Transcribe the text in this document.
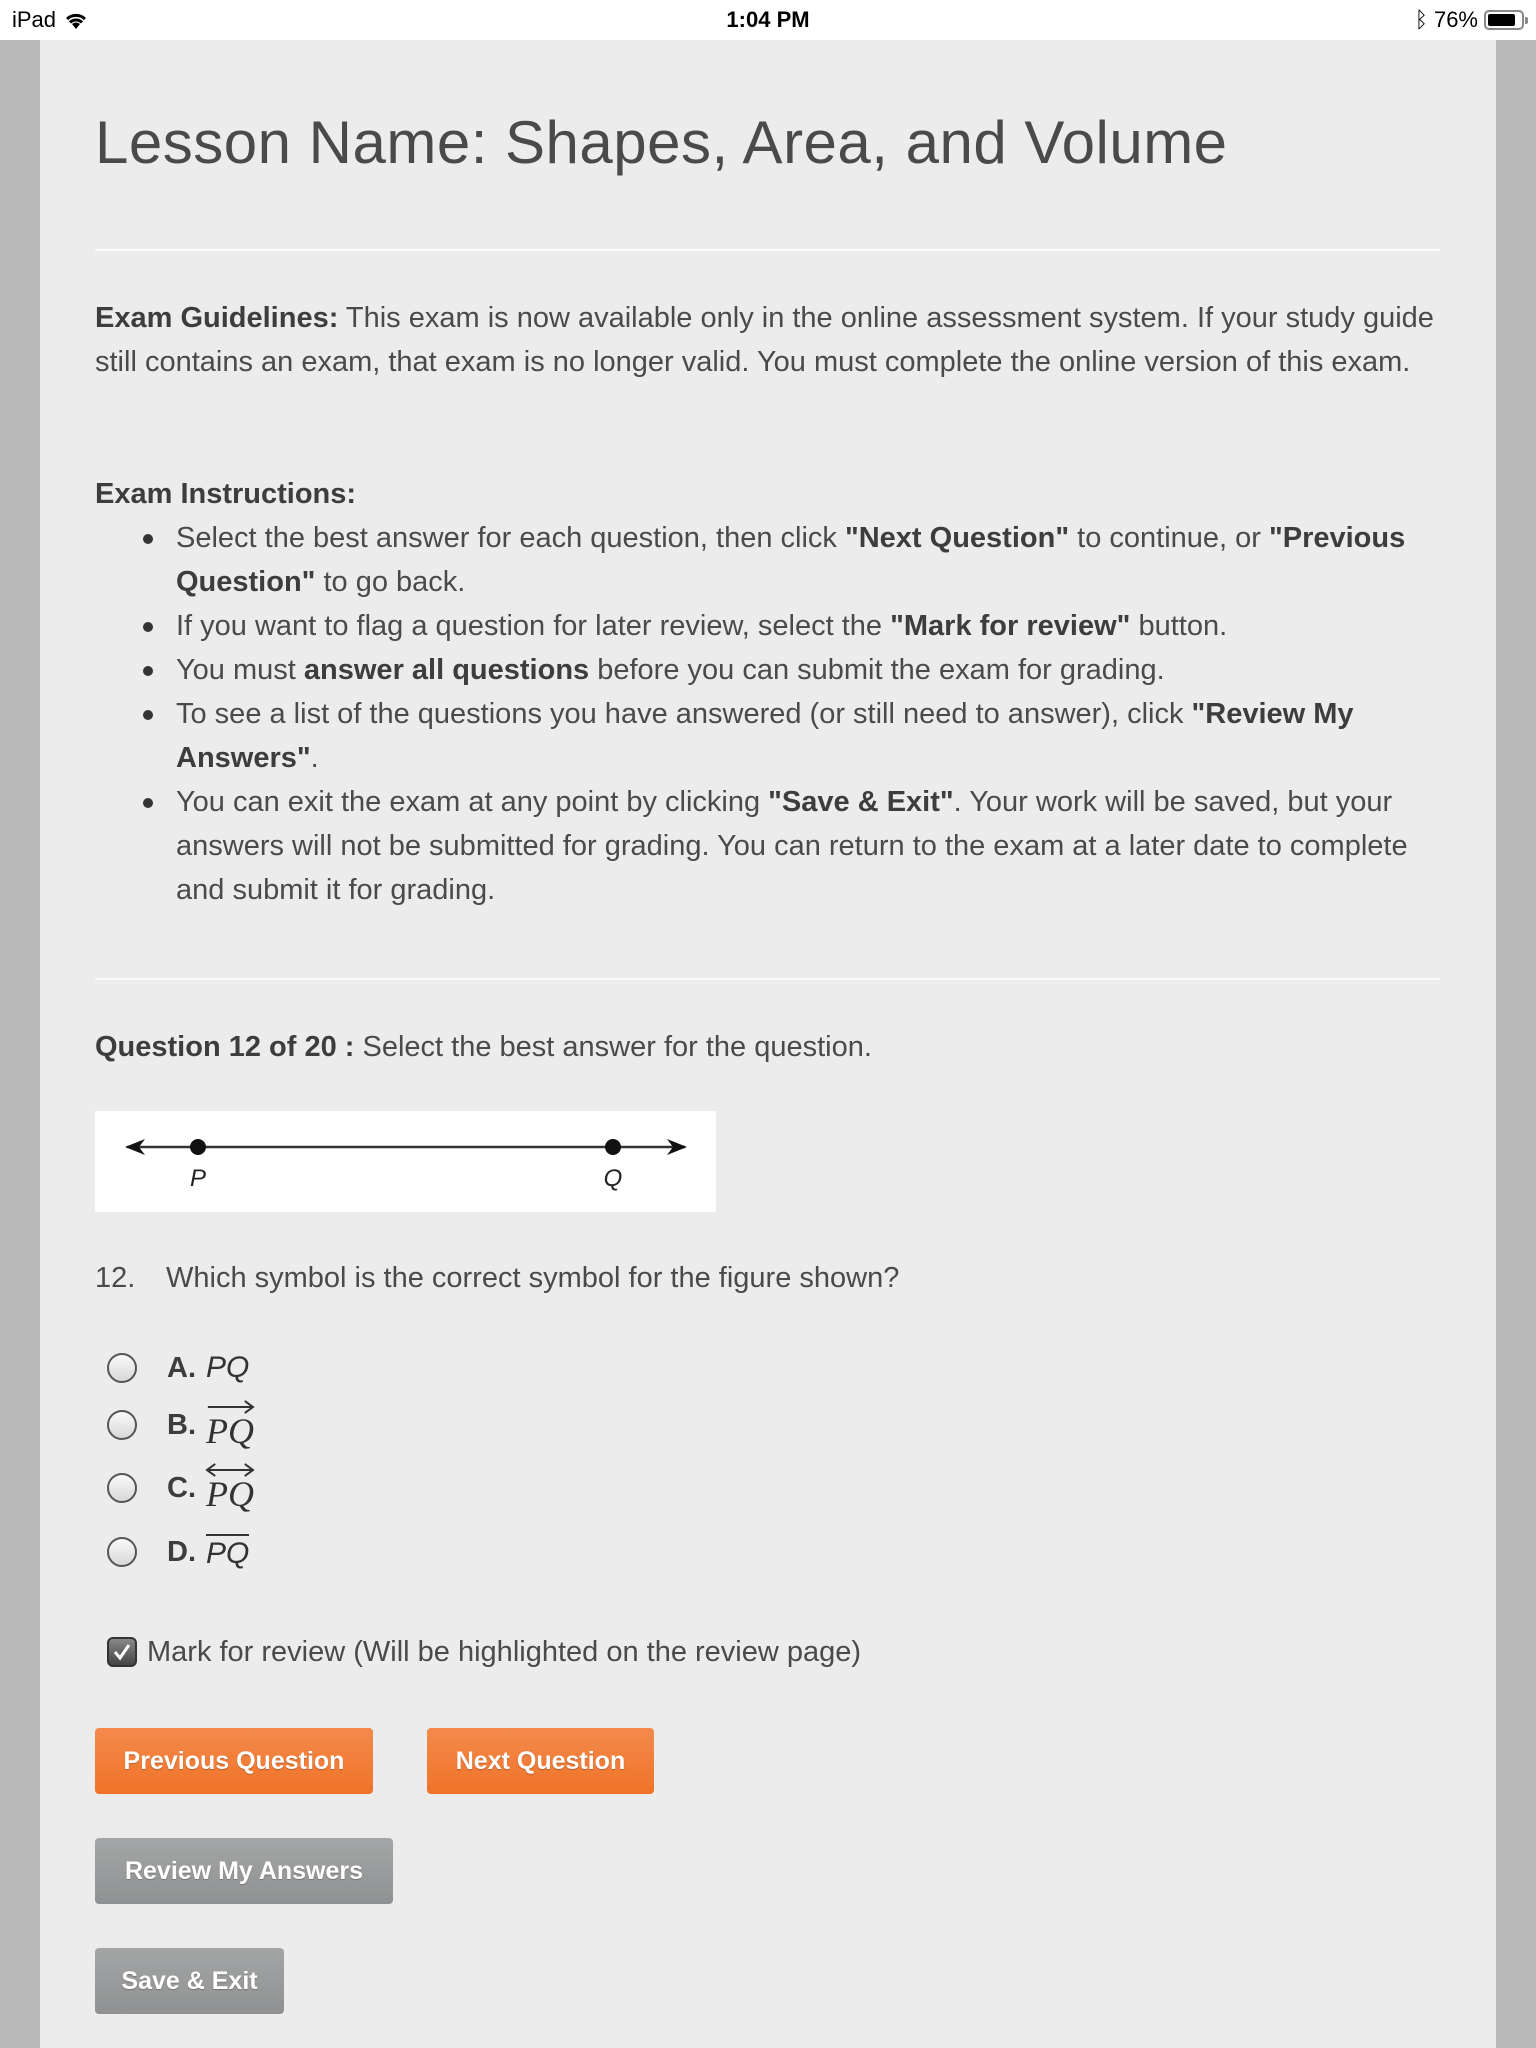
iPad	1:04 PM	ᛒ 76%
Lesson Name: Shapes, Area, and Volume
Exam Guidelines: This exam is now available only in the online assessment system. If your study guide still contains an exam, that exam is no longer valid. You must complete the online version of this exam.
Exam Instructions:
Select the best answer for each question, then click "Next Question" to continue, or "Previous Question" to go back.
If you want to flag a question for later review, select the "Mark for review" button.
You must answer all questions before you can submit the exam for grading.
To see a list of the questions you have answered (or still need to answer), click "Review My Answers".
You can exit the exam at any point by clicking "Save & Exit". Your work will be saved, but your answers will not be submitted for grading. You can return to the exam at a later date to complete and submit it for grading.
Question 12 of 20 : Select the best answer for the question.
P	Q
12. Which symbol is the correct symbol for the figure shown?
A. PQ
B. PQ
C. PQ
D. PQ
Mark for review (Will be highlighted on the review page)
Previous Question	Next Question
Review My Answers
Save & Exit
